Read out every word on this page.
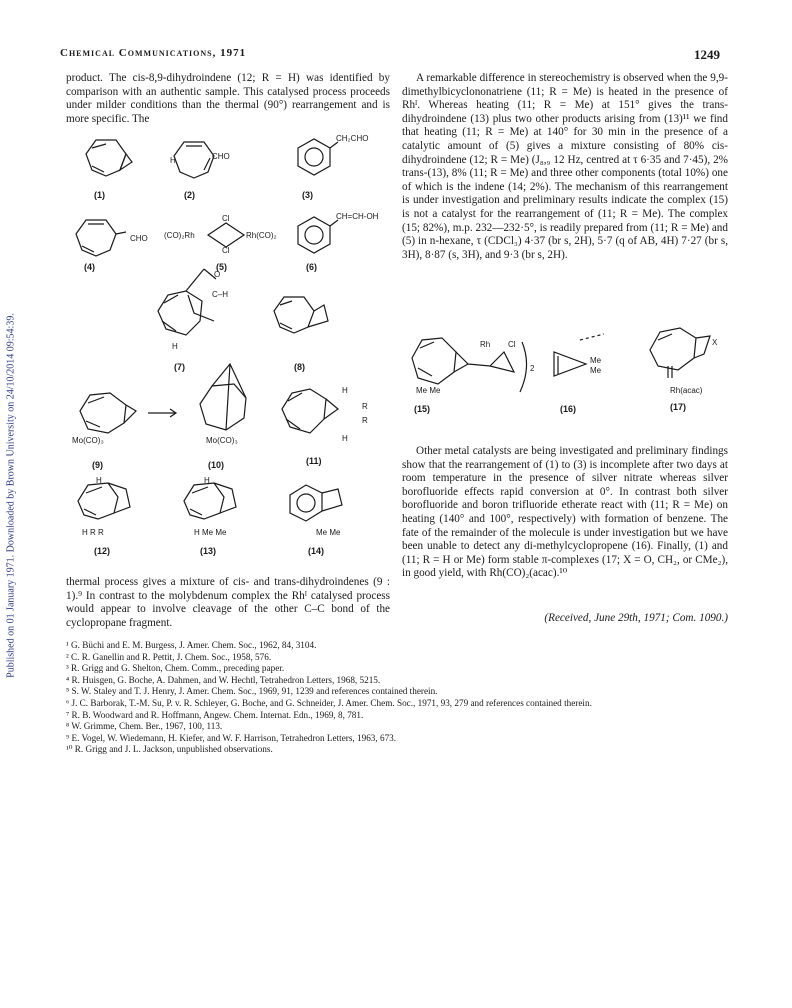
Published on 01 January 1971. Downloaded by Brown University on 24/10/2014 09:54:39.
Chemical Communications, 1971	1249

product. The cis-8,9-dihydroindene (12; R = H) was identified by comparison with an authentic sample. This catalysed process proceeds under milder conditions than the thermal (90°) rearrangement and is more specific. The

(1)	(2)	(3)
(4)	(5)	(6)
(7)	(8)
(9)	(10)	(11)
(12)	(13)	(14)
CHO
H
CH₂CHO
CHO (CO)₂Rh	Rh(CO)₂
Cl
Cl
CH=CH-OH
O
C–H
H
Mo(CO)₃	Mo(CO)₃
H
R
R
H
H
H R R
H
H Me Me	Me Me

thermal process gives a mixture of cis- and trans-dihydroindenes (9 : 1).⁹ In contrast to the molybdenum complex the Rhᴵ catalysed process would appear to involve cleavage of the other C–C bond of the cyclopropane fragment.

A remarkable difference in stereochemistry is observed when the 9,9-dimethylbicyclononatriene (11; R = Me) is heated in the presence of Rhᴵ. Whereas heating (11; R = Me) at 151° gives the trans-dihydroindene (13) plus two other products arising from (13)¹¹ we find that heating (11; R = Me) at 140° for 30 min in the presence of a catalytic amount of (5) gives a mixture consisting of 80% cis-dihydroindene (12; R = Me) (J₈,₉ 12 Hz, centred at τ 6·35 and 7·45), 2% trans-(13), 8% (11; R = Me) and three other components (total 10%) one of which is the indene (14; 2%). The mechanism of this rearrangement is under investigation and preliminary results indicate the complex (15) is not a catalyst for the rearrangement of (11; R = Me). The complex (15; 82%), m.p. 232—232·5°, is readily prepared from (11; R = Me) and (5) in n-hexane, τ (CDCl₃) 4·37 (br s, 2H), 5·7 (q of AB, 4H) 7·27 (br s, 3H), 8·87 (s, 3H), and 9·3 (br s, 2H).

Rh Cl
2
Me Me
Me
Me
X
Rh(acac)
(15)	(16)	(17)

Other metal catalysts are being investigated and preliminary findings show that the rearrangement of (1) to (3) is incomplete after two days at room temperature in the presence of silver nitrate whereas silver borofluoride effects rapid conversion at 0°. In contrast both silver borofluoride and boron trifluoride etherate react with (11; R = Me) on heating (140° and 100°, respectively) with formation of benzene. The fate of the remainder of the molecule is under investigation but we have been unable to detect any di-methylcyclopropene (16). Finally, (1) and (11; R = H or Me) form stable π-complexes (17; X = O, CH₂, or CMe₂), in good yield, with Rh(CO)₂(acac).¹⁰

(Received, June 29th, 1971; Com. 1090.)
¹ G. Büchi and E. M. Burgess, J. Amer. Chem. Soc., 1962, 84, 3104.
² C. R. Ganellin and R. Pettit, J. Chem. Soc., 1958, 576.
³ R. Grigg and G. Shelton, Chem. Comm., preceding paper.
⁴ R. Huisgen, G. Boche, A. Dahmen, and W. Hechtl, Tetrahedron Letters, 1968, 5215.
⁵ S. W. Staley and T. J. Henry, J. Amer. Chem. Soc., 1969, 91, 1239 and references contained therein.
⁶ J. C. Barborak, T.-M. Su, P. v. R. Schleyer, G. Boche, and G. Schneider, J. Amer. Chem. Soc., 1971, 93, 279 and references contained therein.
⁷ R. B. Woodward and R. Hoffmann, Angew. Chem. Internat. Edn., 1969, 8, 781.
⁸ W. Grimme, Chem. Ber., 1967, 100, 113.
⁹ E. Vogel, W. Wiedemann, H. Kiefer, and W. F. Harrison, Tetrahedron Letters, 1963, 673.
¹⁰ R. Grigg and J. L. Jackson, unpublished observations.
